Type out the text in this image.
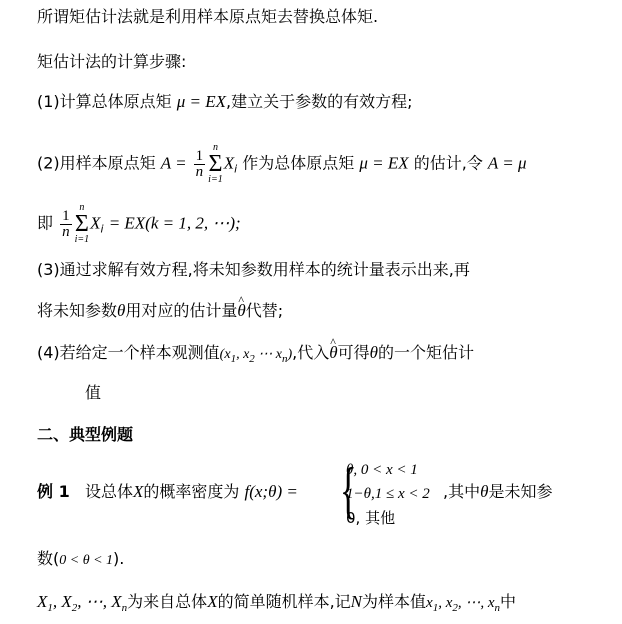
所谓矩估计法就是利用样本原点矩去替换总体矩.
矩估计法的计算步骤:
(1)计算总体原点矩 μ = EX,建立关于参数的有效方程;
(2)用样本原点矩 $A = \frac{1}{n}$
n
Σ
i=1
$X_i$ 作为总体原点矩 μ = EX 的估计,令 A = μ
即 $\frac{1}{n}$
n
Σ
i=1
$X_i = EX(k = 1$, 2, ⋯);
(3)通过求解有效方程,将未知参数用样本的统计量表示出来,再
将未知参数θ用对应的估计量^ θ代替;
(4)若给定一个样本观测值($x_1$, $x_2$ ⋯ $x_n$),代入^ θ可得θ的一个矩估计
值
二、典型例题
例 1 设总体X的概率密度为 f(x;θ) = {
θ, 0 < x < 1
1−θ,1 ≤ x < 2
0, 其他
,其中θ是未知参
数(0 < θ < 1).
$X_1$, $X_2$, ⋯, $X_n$为来自总体X的简单随机样本,记N为样本值$x_1$, $x_2$, ⋯, $x_n$中
